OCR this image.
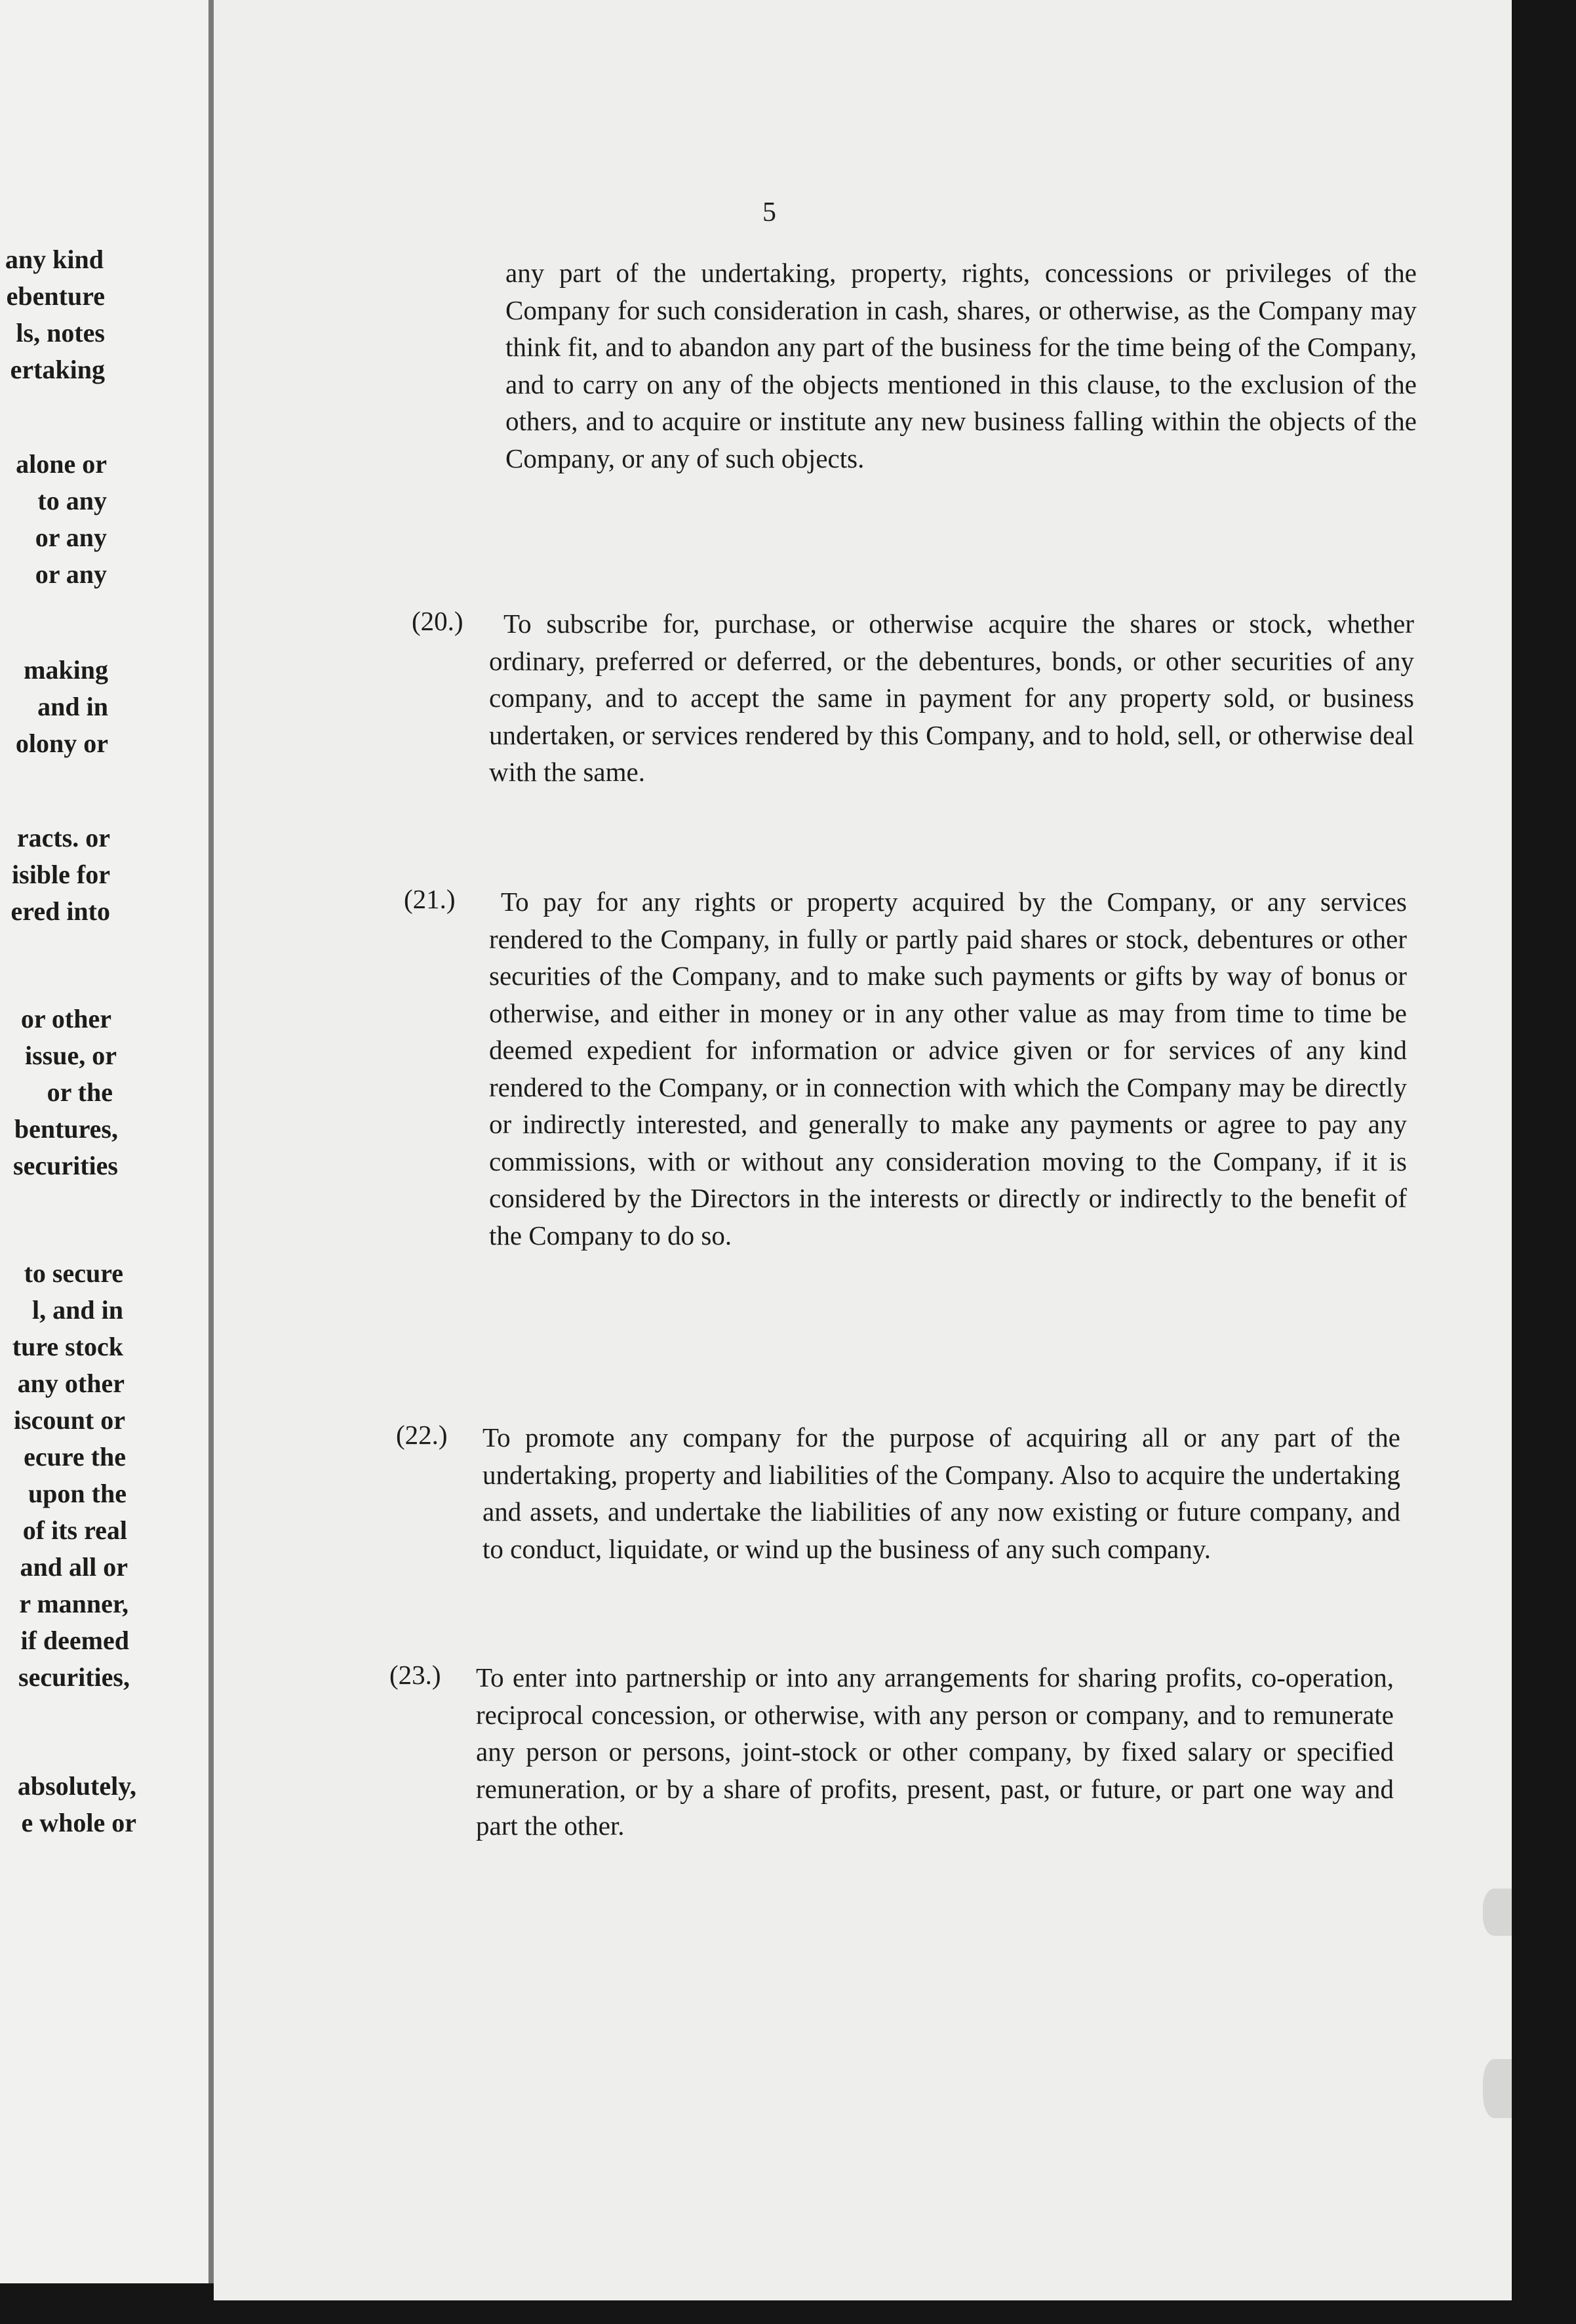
any kind
ebenture
ls, notes
ertaking
alone or
to any
or any
or any
making
and in
olony or
racts. or
isible for
ered into
or other
issue, or
or the
bentures,
securities
to secure
l, and in
ture stock
any other
iscount or
ecure the
upon the
of its real
and all or
r manner,
if deemed
securities,
absolutely,
e whole or
5
any part of the undertaking, property, rights, concessions or privileges of the Company for such consideration in cash, shares, or otherwise, as the Company may think fit, and to abandon any part of the business for the time being of the Company, and to carry on any of the objects mentioned in this clause, to the exclusion of the others, and to acquire or institute any new business falling within the objects of the Company, or any of such objects.
(20.)	To subscribe for, purchase, or otherwise acquire the shares or stock, whether ordinary, preferred or deferred, or the debentures, bonds, or other securities of any company, and to accept the same in payment for any property sold, or business undertaken, or services rendered by this Company, and to hold, sell, or otherwise deal with the same.
(21.)	To pay for any rights or property acquired by the Company, or any services rendered to the Company, in fully or partly paid shares or stock, debentures or other securities of the Company, and to make such payments or gifts by way of bonus or otherwise, and either in money or in any other value as may from time to time be deemed expedient for information or advice given or for services of any kind rendered to the Company, or in connection with which the Company may be directly or indirectly interested, and generally to make any payments or agree to pay any commissions, with or without any consideration moving to the Company, if it is considered by the Directors in the interests or directly or indirectly to the benefit of the Company to do so.
(22.) To promote any company for the purpose of acquiring all or any part of the undertaking, property and liabilities of the Company. Also to acquire the undertaking and assets, and undertake the liabilities of any now existing or future company, and to conduct, liquidate, or wind up the business of any such company.
(23.) To enter into partnership or into any arrangements for sharing profits, co-operation, reciprocal concession, or otherwise, with any person or company, and to remunerate any person or persons, joint-stock or other company, by fixed salary or specified remuneration, or by a share of profits, present, past, or future, or part one way and part the other.
